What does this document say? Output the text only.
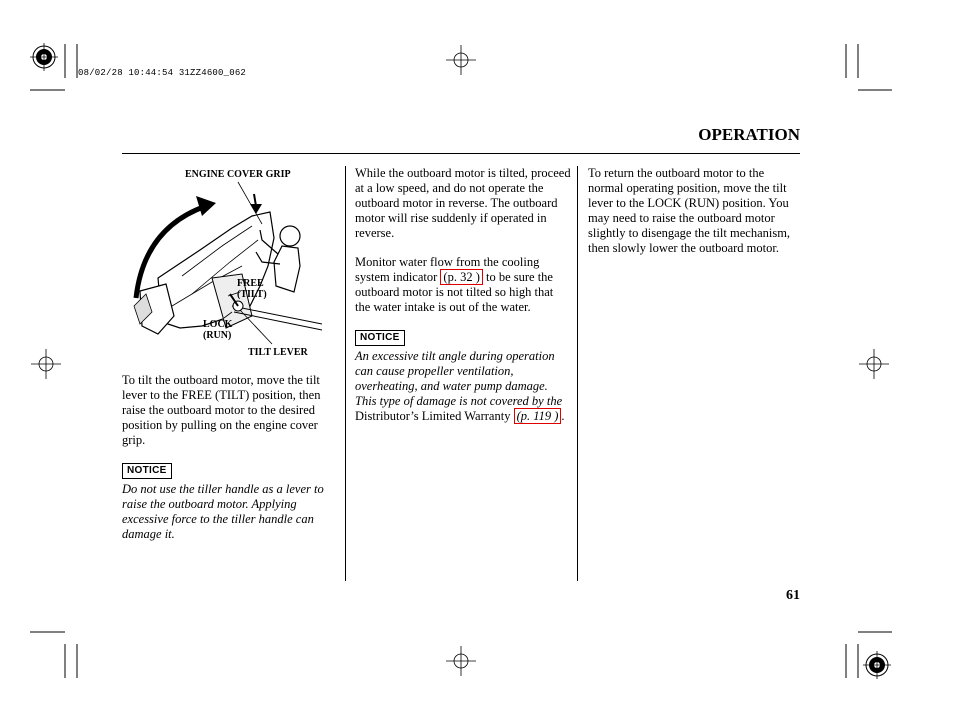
08/02/28 10:44:54 31ZZ4600_062
OPERATION
ENGINE COVER GRIP
FREE
(TILT)
LOCK
(RUN)
TILT LEVER

To tilt the outboard motor, move the tilt lever to the FREE (TILT) position, then raise the outboard motor to the desired position by pulling on the engine cover grip.

NOTICE
Do not use the tiller handle as a lever to raise the outboard motor. Applying excessive force to the tiller handle can damage it.

While the outboard motor is tilted, proceed at a low speed, and do not operate the outboard motor in reverse. The outboard motor will rise suddenly if operated in reverse.

Monitor water flow from the cooling system indicator (p. 32 ) to be sure the outboard motor is not tilted so high that the water intake is out of the water.

NOTICE
An excessive tilt angle during operation can cause propeller ventilation, overheating, and water pump damage. This type of damage is not covered by the Distributor’s Limited Warranty (p. 119 ) .

To return the outboard motor to the normal operating position, move the tilt lever to the LOCK (RUN) position. You may need to raise the outboard motor slightly to disengage the tilt mechanism, then slowly lower the outboard motor.

61
